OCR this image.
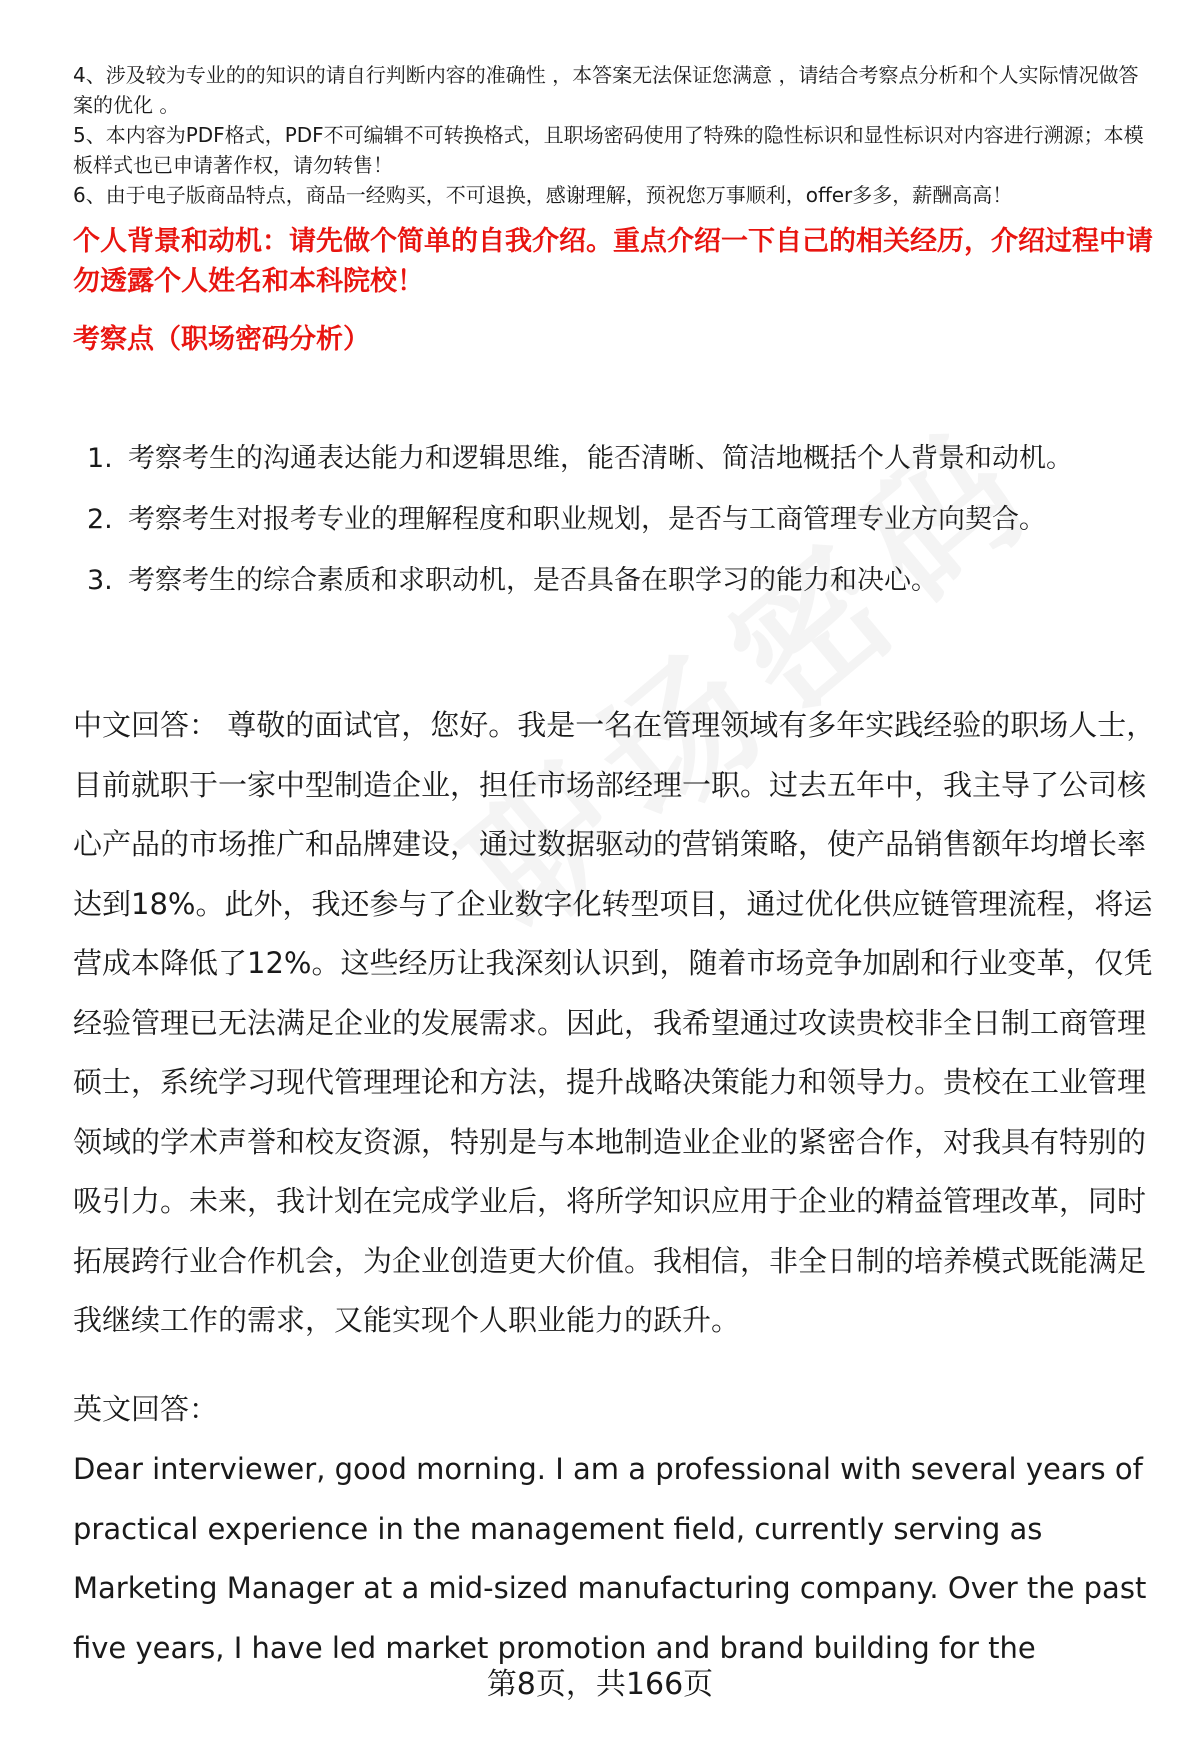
4、涉及较为专业的的知识的请自行判断内容的准确性 ，本答案无法保证您满意 ，请结合考察点分析和个人实际情况做答案的优化 。

5、本内容为PDF格式，PDF不可编辑不可转换格式，且职场密码使用了特殊的隐性标识和显性标识对内容进行溯源；本模板样式也已申请著作权，请勿转售！

6、由于电子版商品特点，商品一经购买，不可退换，感谢理解，预祝您万事顺利，offer多多，薪酬高高！

个人背景和动机：请先做个简单的自我介绍。重点介绍一下自己的相关经历，介绍过程中请勿透露个人姓名和本科院校！

考察点（职场密码分析）

1. 考察考生的沟通表达能力和逻辑思维，能否清晰、简洁地概括个人背景和动机。
2. 考察考生对报考专业的理解程度和职业规划，是否与工商管理专业方向契合。
3. 考察考生的综合素质和求职动机，是否具备在职学习的能力和决心。

中文回答： 尊敬的面试官，您好。我是一名在管理领域有多年实践经验的职场人士，目前就职于一家中型制造企业，担任市场部经理一职。过去五年中，我主导了公司核心产品的市场推广和品牌建设，通过数据驱动的营销策略，使产品销售额年均增长率达到18%。此外，我还参与了企业数字化转型项目，通过优化供应链管理流程，将运营成本降低了12%。这些经历让我深刻认识到，随着市场竞争加剧和行业变革，仅凭经验管理已无法满足企业的发展需求。因此，我希望通过攻读贵校非全日制工商管理硕士，系统学习现代管理理论和方法，提升战略决策能力和领导力。贵校在工业管理领域的学术声誉和校友资源，特别是与本地制造业企业的紧密合作，对我具有特别的吸引力。未来，我计划在完成学业后，将所学知识应用于企业的精益管理改革，同时拓展跨行业合作机会，为企业创造更大价值。我相信，非全日制的培养模式既能满足我继续工作的需求，又能实现个人职业能力的跃升。

英文回答：

Dear interviewer, good morning. I am a professional with several years of practical experience in the management field, currently serving as Marketing Manager at a mid-sized manufacturing company. Over the past five years, I have led market promotion and brand building for the

第8页，共166页
